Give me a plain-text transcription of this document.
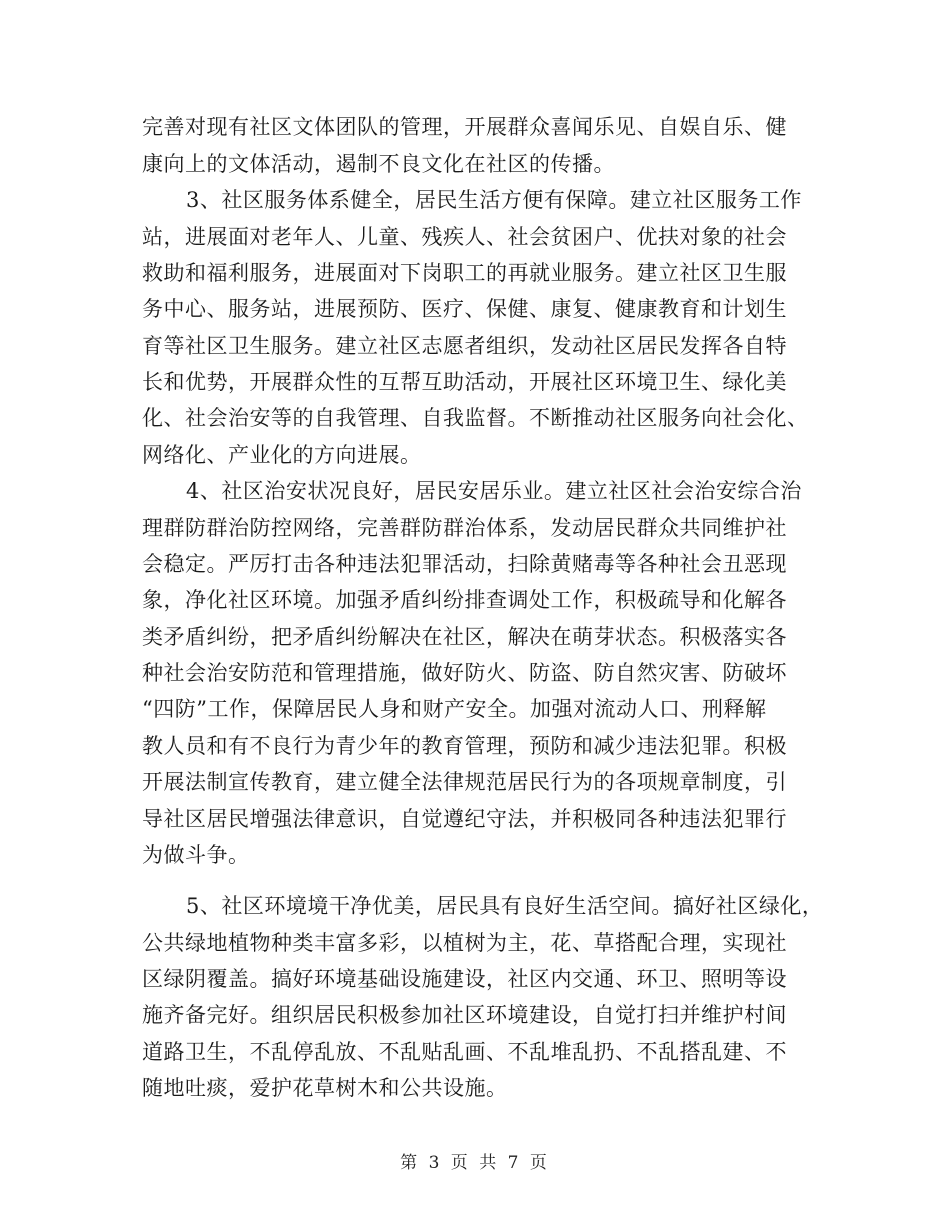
完善对现有社区文体团队的管理，开展群众喜闻乐见、自娱自乐、健
康向上的文体活动，遏制不良文化在社区的传播。
3、社区服务体系健全，居民生活方便有保障。建立社区服务工作
站，进展面对老年人、儿童、残疾人、社会贫困户、优扶对象的社会
救助和福利服务，进展面对下岗职工的再就业服务。建立社区卫生服
务中心、服务站，进展预防、医疗、保健、康复、健康教育和计划生
育等社区卫生服务。建立社区志愿者组织，发动社区居民发挥各自特
长和优势，开展群众性的互帮互助活动，开展社区环境卫生、绿化美
化、社会治安等的自我管理、自我监督。不断推动社区服务向社会化、
网络化、产业化的方向进展。
4、社区治安状况良好，居民安居乐业。建立社区社会治安综合治
理群防群治防控网络，完善群防群治体系，发动居民群众共同维护社
会稳定。严厉打击各种违法犯罪活动，扫除黄赌毒等各种社会丑恶现
象，净化社区环境。加强矛盾纠纷排查调处工作，积极疏导和化解各
类矛盾纠纷，把矛盾纠纷解决在社区，解决在萌芽状态。积极落实各
种社会治安防范和管理措施，做好防火、防盗、防自然灾害、防破坏
“四防”工作，保障居民人身和财产安全。加强对流动人口、刑释解
教人员和有不良行为青少年的教育管理，预防和减少违法犯罪。积极
开展法制宣传教育，建立健全法律规范居民行为的各项规章制度，引
导社区居民增强法律意识，自觉遵纪守法，并积极同各种违法犯罪行
为做斗争。
5、社区环境境干净优美，居民具有良好生活空间。搞好社区绿化，
公共绿地植物种类丰富多彩，以植树为主，花、草搭配合理，实现社
区绿阴覆盖。搞好环境基础设施建设，社区内交通、环卫、照明等设
施齐备完好。组织居民积极参加社区环境建设，自觉打扫并维护村间
道路卫生，不乱停乱放、不乱贴乱画、不乱堆乱扔、不乱搭乱建、不
随地吐痰，爱护花草树木和公共设施。
第 3 页 共 7 页
